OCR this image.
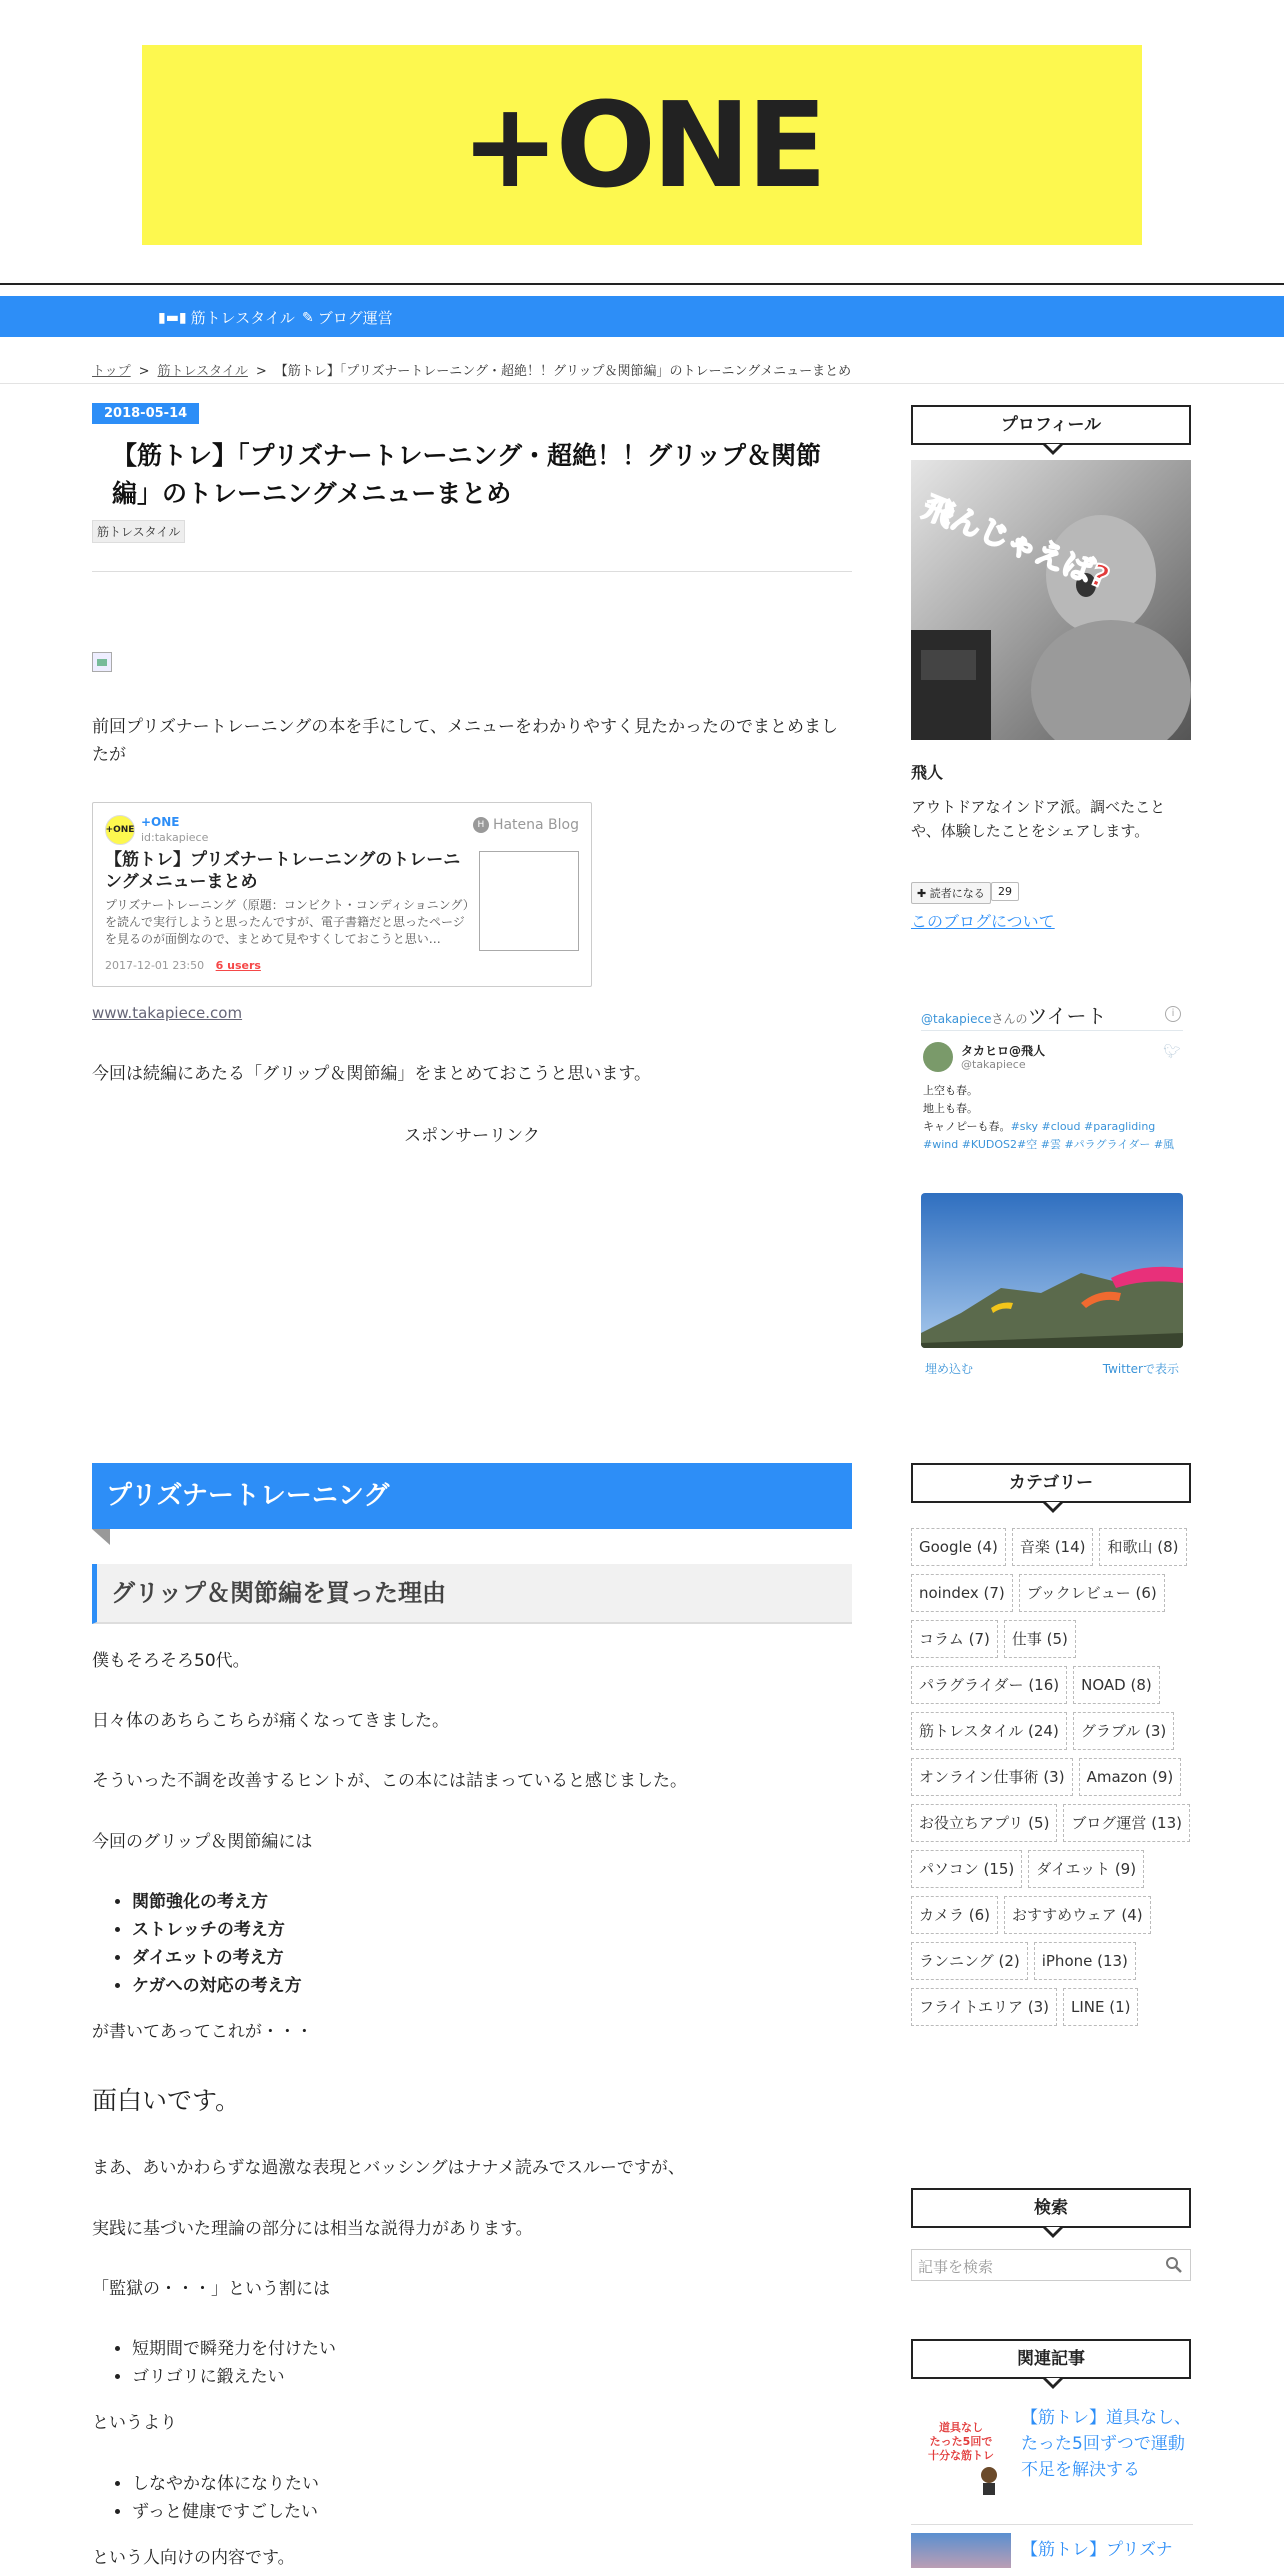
+ONE
▮▬▮ 筋トレスタイル ✎ ブログ運営
トップ > 筋トレスタイル > 【筋トレ】「プリズナートレーニング・超絶！！グリップ＆関節編」のトレーニングメニューまとめ
2018-05-14
【筋トレ】「プリズナートレーニング・超絶！！グリップ＆関節編」のトレーニングメニューまとめ
筋トレスタイル
前回プリズナートレーニングの本を手にして、メニューをわかりやすく見たかったのでまとめましたが
+ONE
+ONE
id:takapiece
H Hatena Blog
【筋トレ】プリズナートレーニングのトレーニングメニューまとめ
プリズナートレーニング（原題：コンビクト・コンディショニング）を読んで実行しようと思ったんですが、電子書籍だと思ったページを見るのが面倒なので、まとめて見やすくしておこうと思い…
2017-12-01 23:50 6 users
www.takapiece.com
今回は続編にあたる「グリップ＆関節編」をまとめておこうと思います。
スポンサーリンク
プリズナートレーニング
グリップ＆関節編を買った理由
僕もそろそろ50代。
日々体のあちらこちらが痛くなってきました。
そういった不調を改善するヒントが、この本には詰まっていると感じました。
今回のグリップ＆関節編には
• 関節強化の考え方
• ストレッチの考え方
• ダイエットの考え方
• ケガへの対応の考え方
が書いてあってこれが・・・
面白いです。
まあ、あいかわらずな過激な表現とバッシングはナナメ読みでスルーですが、
実践に基づいた理論の部分には相当な説得力があります。
「監獄の・・・」という割には
• 短期間で瞬発力を付けたい
• ゴリゴリに鍛えたい
というより
• しなやかな体になりたい
• ずっと健康ですごしたい
という人向けの内容です。
プロフィール
飛んじゃえば?
飛人
アウトドアなインドア派。調べたことや、体験したことをシェアします。
✚ 読者になる	29
このブログについて
@takapieceさんのツイート	i
タカヒロ@飛人
@takapiece
🐦︎
上空も春。
地上も春。
キャノピーも春。#sky #cloud #paragliding
#wind #KUDOS2#空 #雲 #パラグライダー #風
埋め込む	Twitterで表示
カテゴリー
Google (4)	音楽 (14)	和歌山 (8)
noindex (7)	ブックレビュー (6)
コラム (7)	仕事 (5)
パラグライダー (16)	NOAD (8)
筋トレスタイル (24)	グラブル (3)
オンライン仕事術 (3)	Amazon (9)
お役立ちアプリ (5)	ブログ運営 (13)
パソコン (15)	ダイエット (9)
カメラ (6)	おすすめウェア (4)
ランニング (2)	iPhone (13)
フライトエリア (3)	LINE (1)
検索
記事を検索
関連記事
道具なし
たった5回で
十分な筋トレ
【筋トレ】道具なし、たった5回ずつで運動不足を解決する
【筋トレ】プリズナ
